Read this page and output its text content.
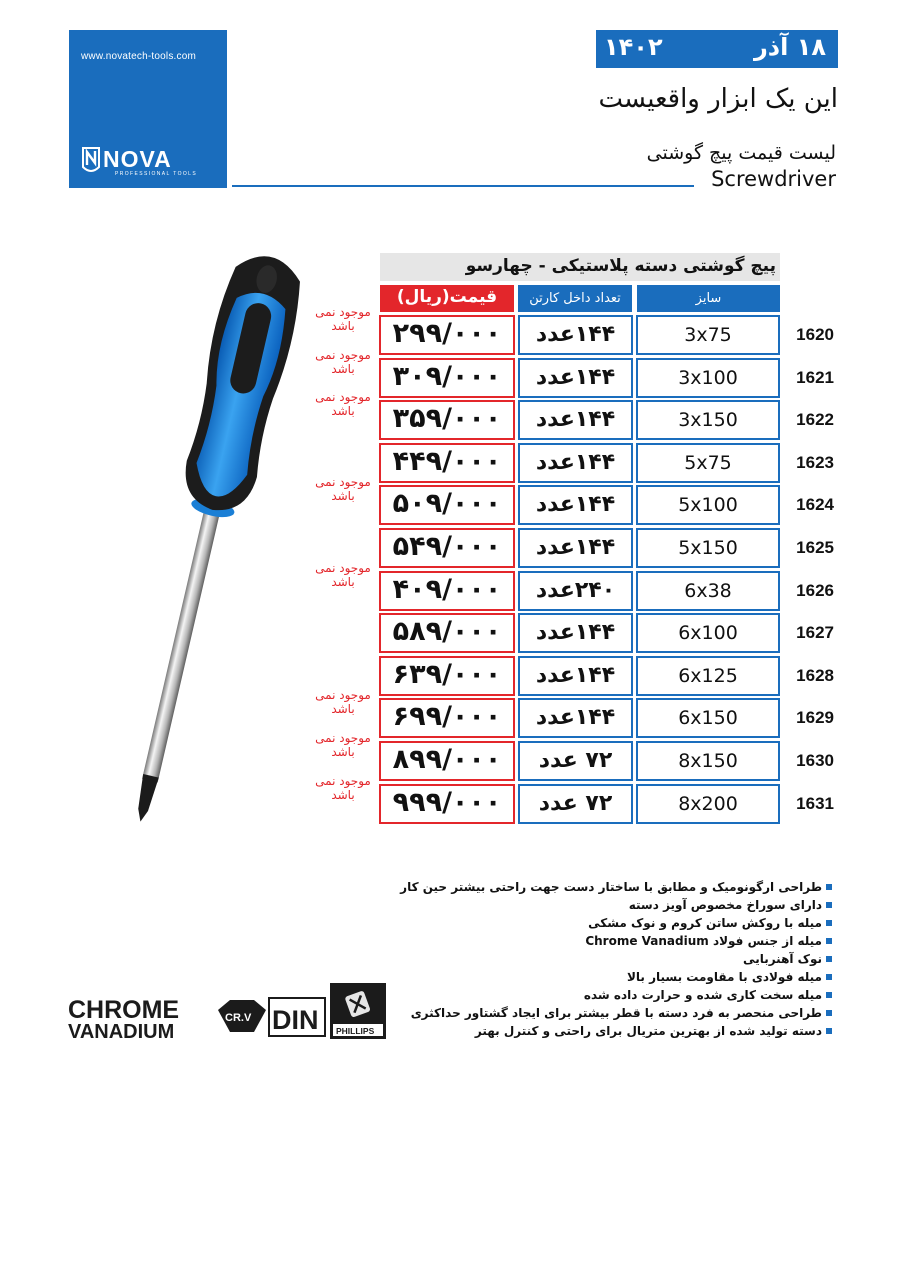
www.novatech-tools.com
NOVA
PROFESSIONAL TOOLS
۱۸ آذر
۱۴۰۲
این یک ابزار واقعیست
لیست قیمت پیچ گوشتی
Screwdriver
پیچ گوشتی دسته پلاستیکی - چهارسو
قیمت(ریال)	تعداد داخل کارتن	سایز
موجود نمی باشد	۲۹۹/۰۰۰	۱۴۴عدد	3x75	1620
موجود نمی باشد	۳۰۹/۰۰۰	۱۴۴عدد	3x100	1621
موجود نمی باشد	۳۵۹/۰۰۰	۱۴۴عدد	3x150	1622
۴۴۹/۰۰۰	۱۴۴عدد	5x75	1623
موجود نمی باشد	۵۰۹/۰۰۰	۱۴۴عدد	5x100	1624
۵۴۹/۰۰۰	۱۴۴عدد	5x150	1625
موجود نمی باشد	۴۰۹/۰۰۰	۲۴۰عدد	6x38	1626
۵۸۹/۰۰۰	۱۴۴عدد	6x100	1627
۶۳۹/۰۰۰	۱۴۴عدد	6x125	1628
موجود نمی باشد	۶۹۹/۰۰۰	۱۴۴عدد	6x150	1629
موجود نمی باشد	۸۹۹/۰۰۰	۷۲ عدد	8x150	1630
موجود نمی باشد	۹۹۹/۰۰۰	۷۲ عدد	8x200	1631
طراحی ارگونومیک و مطابق با ساختار دست جهت راحتی بیشتر حین کار
دارای سوراخ مخصوص آویز دسته
میله با روکش ساتن کروم و نوک مشکی
میله از جنس فولاد Chrome Vanadium
نوک آهنربایی
میله فولادی با مقاومت بسیار بالا
میله سخت کاری شده و حرارت داده شده
طراحی منحصر به فرد دسته با قطر بیشتر برای ایجاد گشتاور حداکثری
دسته تولید شده از بهترین متریال برای راحتی و کنترل بهتر
CHROME
VANADIUM
CR.V DIN PHILLIPS
